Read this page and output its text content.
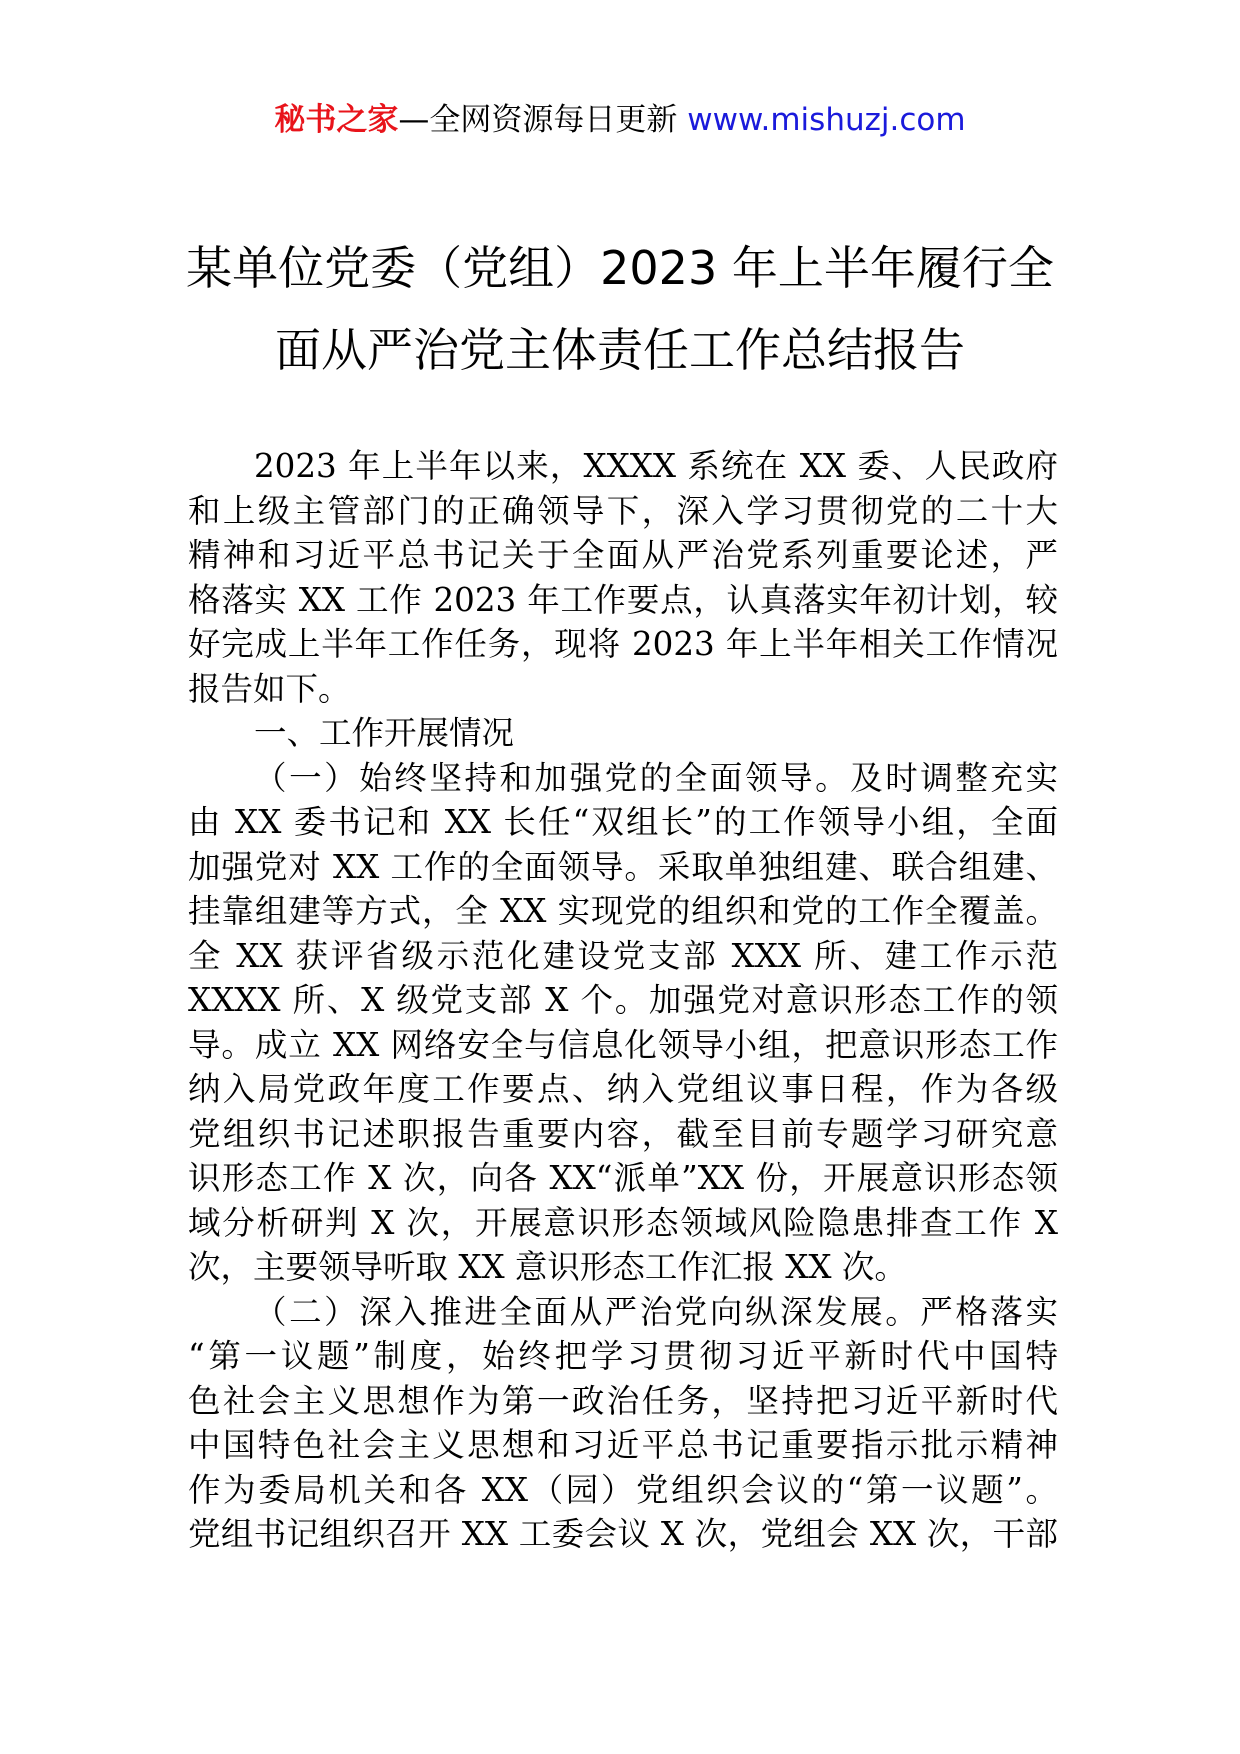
秘书之家—全网资源每日更新 www.mishuzj.com
某单位党委（党组）2023 年上半年履行全
面从严治党主体责任工作总结报告
2023 年上半年以来，XXXX 系统在 XX 委、人民政府
和上级主管部门的正确领导下，深入学习贯彻党的二十大
精神和习近平总书记关于全面从严治党系列重要论述，严
格落实 XX 工作 2023 年工作要点，认真落实年初计划，较
好完成上半年工作任务，现将 2023 年上半年相关工作情况
报告如下。
一、工作开展情况
（一）始终坚持和加强党的全面领导。及时调整充实
由 XX 委书记和 XX 长任“双组长”的工作领导小组，全面
加强党对 XX 工作的全面领导。采取单独组建、联合组建、
挂靠组建等方式，全 XX 实现党的组织和党的工作全覆盖。
全 XX 获评省级示范化建设党支部 XXX 所、建工作示范
XXXX 所、X 级党支部 X 个。加强党对意识形态工作的领
导。成立 XX 网络安全与信息化领导小组，把意识形态工作
纳入局党政年度工作要点、纳入党组议事日程，作为各级
党组织书记述职报告重要内容，截至目前专题学习研究意
识形态工作 X 次，向各 XX“派单”XX 份，开展意识形态领
域分析研判 X 次，开展意识形态领域风险隐患排查工作 X
次，主要领导听取 XX 意识形态工作汇报 XX 次。
（二）深入推进全面从严治党向纵深发展。严格落实
“第一议题”制度，始终把学习贯彻习近平新时代中国特
色社会主义思想作为第一政治任务，坚持把习近平新时代
中国特色社会主义思想和习近平总书记重要指示批示精神
作为委局机关和各 XX（园）党组织会议的“第一议题”。
党组书记组织召开 XX 工委会议 X 次，党组会 XX 次，干部
